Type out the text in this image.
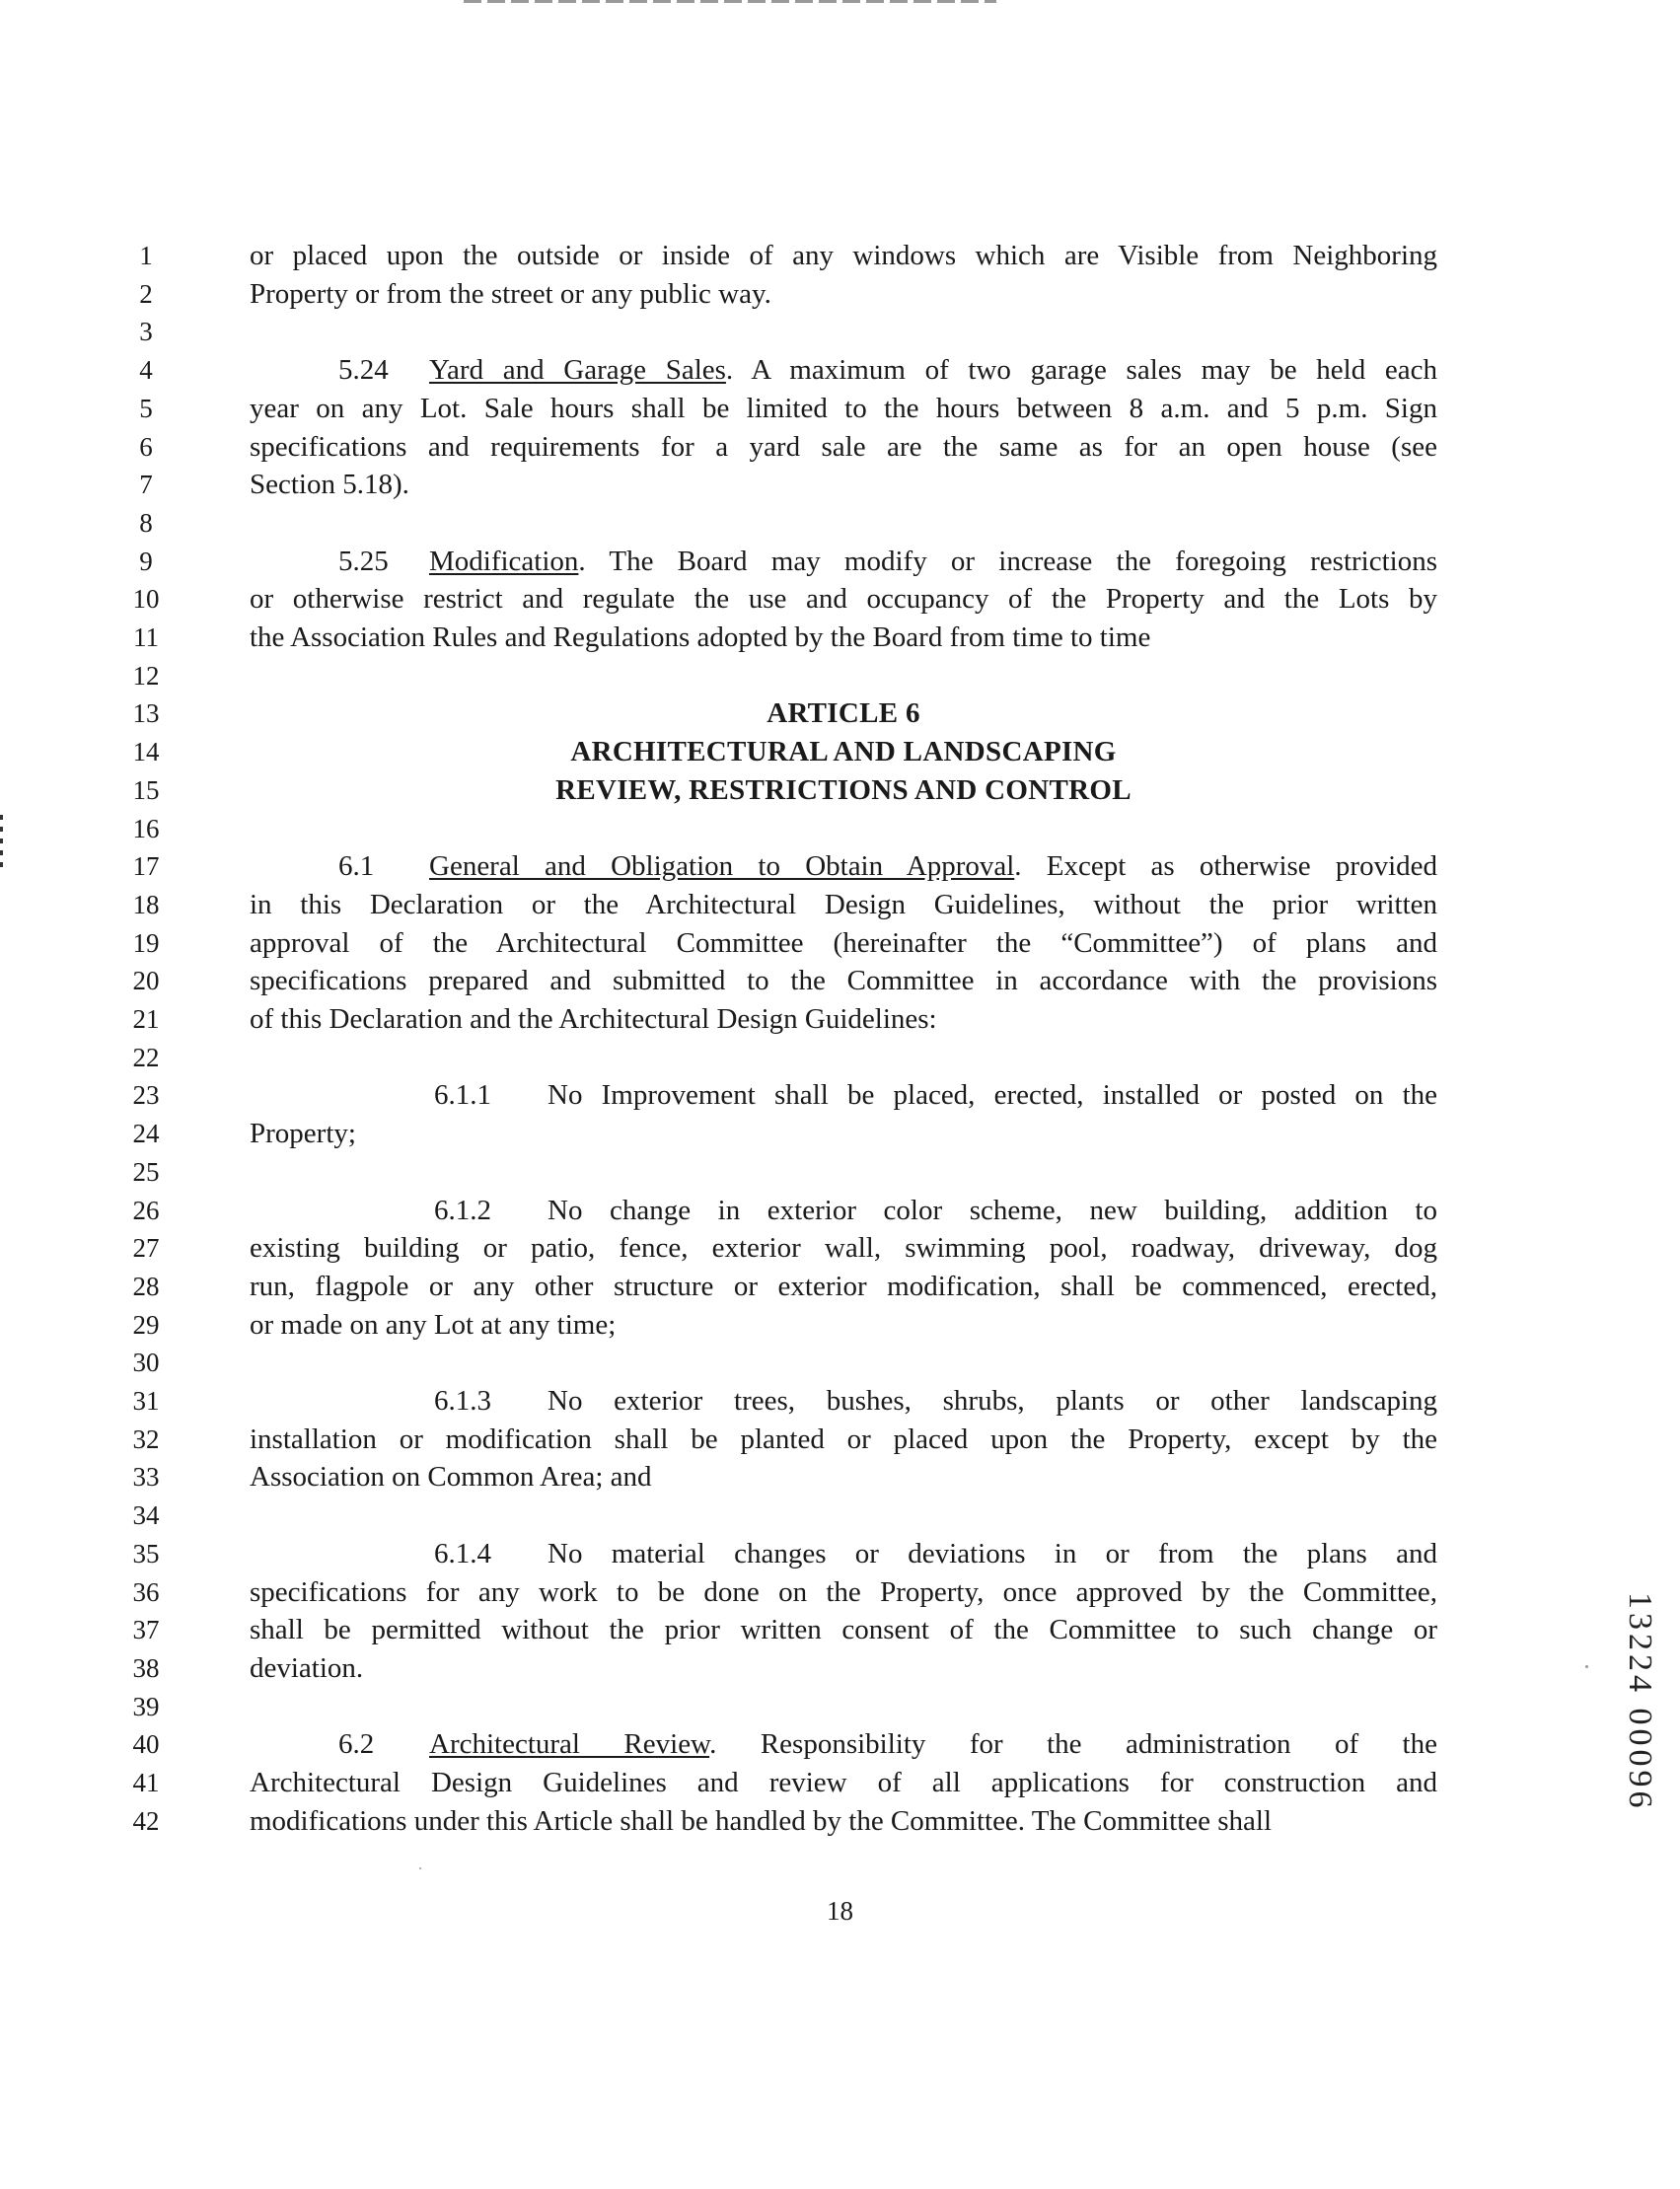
1	or placed upon the outside or inside of any windows which are Visible from Neighboring
2	Property or from the street or any public way.
3
4	5.24 Yard and Garage Sales. A maximum of two garage sales may be held each
5	year on any Lot. Sale hours shall be limited to the hours between 8 a.m. and 5 p.m. Sign
6	specifications and requirements for a yard sale are the same as for an open house (see
7	Section 5.18).
8
9	5.25 Modification. The Board may modify or increase the foregoing restrictions
10	or otherwise restrict and regulate the use and occupancy of the Property and the Lots by
11	the Association Rules and Regulations adopted by the Board from time to time
12
13	ARTICLE 6
14	ARCHITECTURAL AND LANDSCAPING
15	REVIEW, RESTRICTIONS AND CONTROL
16
17	6.1 General and Obligation to Obtain Approval. Except as otherwise provided
18	in this Declaration or the Architectural Design Guidelines, without the prior written
19	approval of the Architectural Committee (hereinafter the “Committee”) of plans and
20	specifications prepared and submitted to the Committee in accordance with the provisions
21	of this Declaration and the Architectural Design Guidelines:
22
23	6.1.1 No Improvement shall be placed, erected, installed or posted on the
24	Property;
25
26	6.1.2 No change in exterior color scheme, new building, addition to
27	existing building or patio, fence, exterior wall, swimming pool, roadway, driveway, dog
28	run, flagpole or any other structure or exterior modification, shall be commenced, erected,
29	or made on any Lot at any time;
30
31	6.1.3 No exterior trees, bushes, shrubs, plants or other landscaping
32	installation or modification shall be planted or placed upon the Property, except by the
33	Association on Common Area; and
34
35	6.1.4 No material changes or deviations in or from the plans and
36	specifications for any work to be done on the Property, once approved by the Committee,
37	shall be permitted without the prior written consent of the Committee to such change or
38	deviation.
39
40	6.2 Architectural Review. Responsibility for the administration of the
41	Architectural Design Guidelines and review of all applications for construction and
42	modifications under this Article shall be handled by the Committee. The Committee shall
18
13224 00096
